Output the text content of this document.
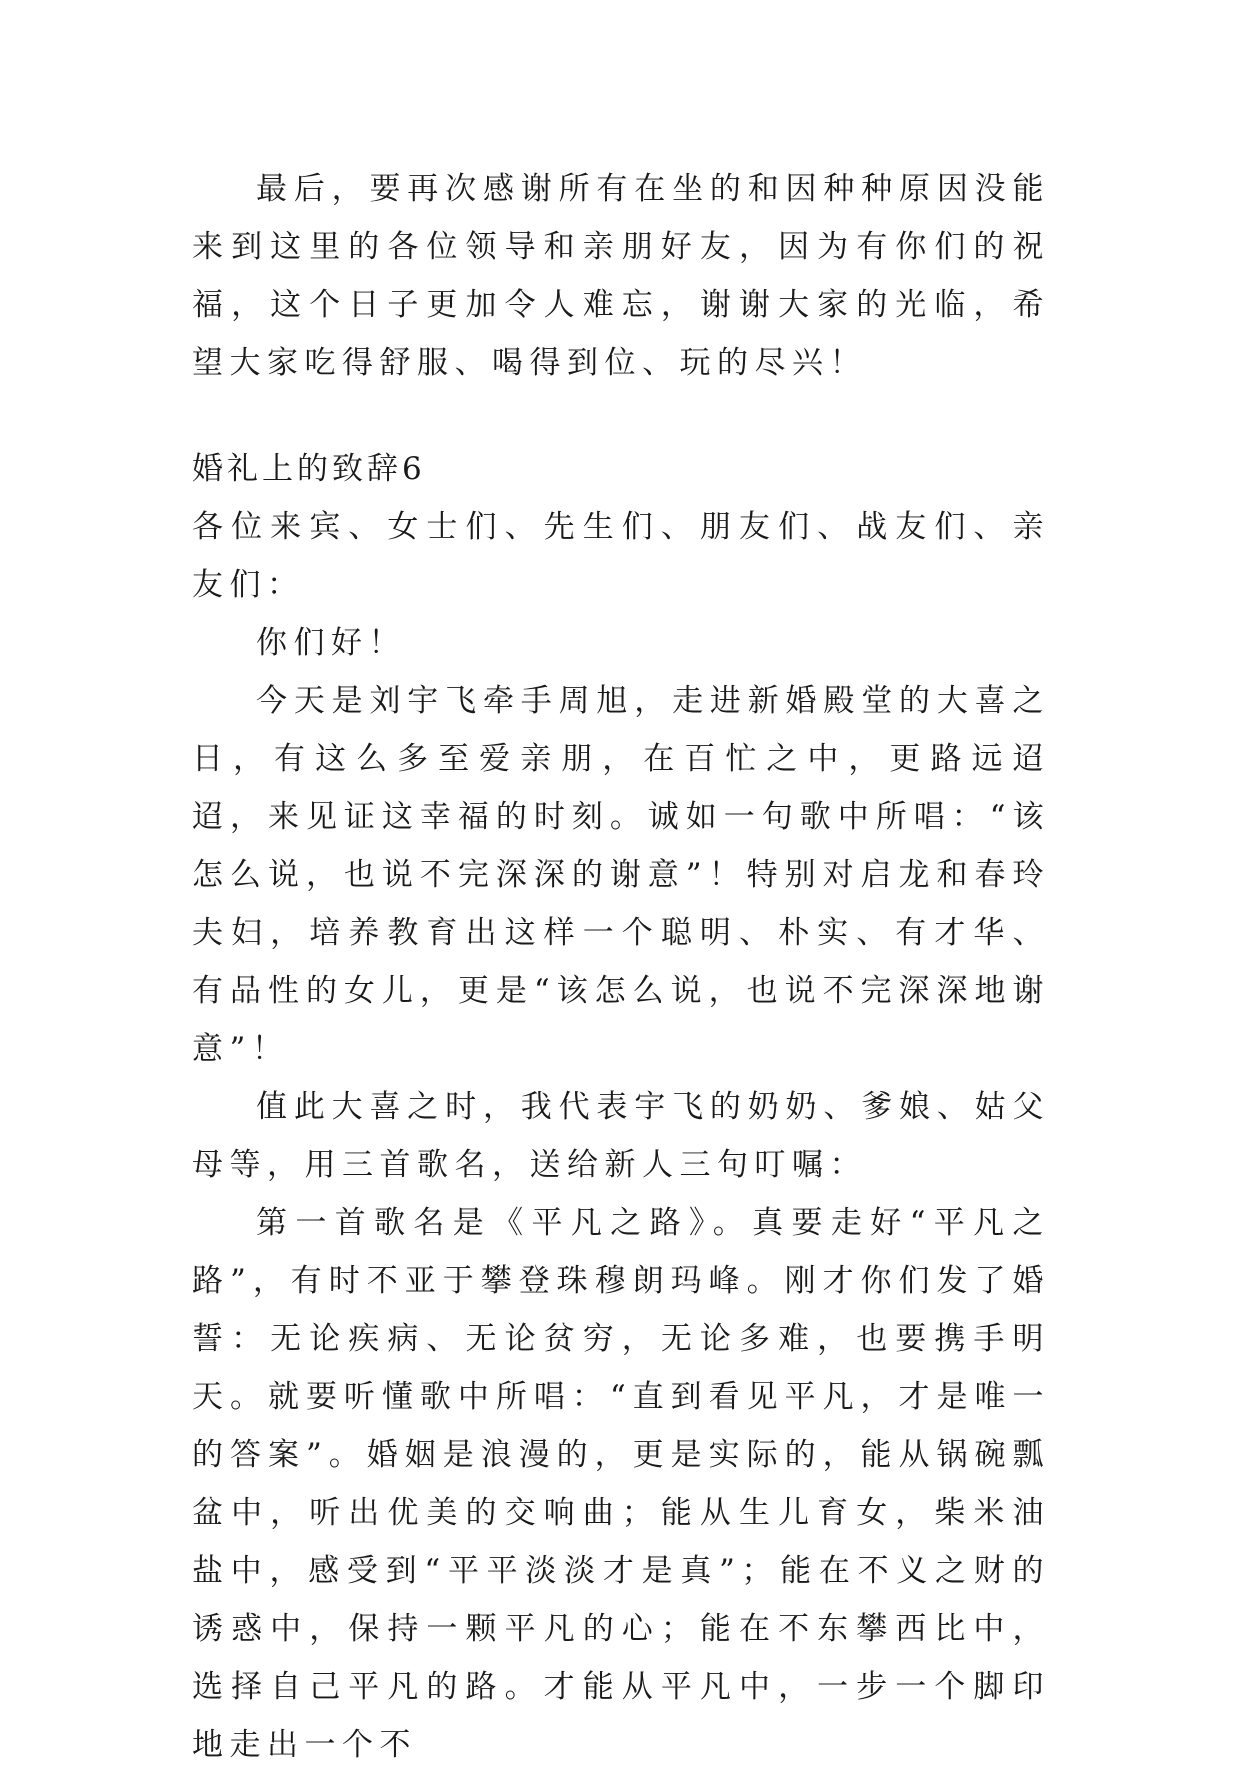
最后，要再次感谢所有在坐的和因种种原因没能来到这里的各位领导和亲朋好友，因为有你们的祝福，这个日子更加令人难忘，谢谢大家的光临，希望大家吃得舒服、喝得到位、玩的尽兴！

婚礼上的致辞6

各位来宾、女士们、先生们、朋友们、战友们、亲友们：

你们好！

今天是刘宇飞牵手周旭，走进新婚殿堂的大喜之日，有这么多至爱亲朋，在百忙之中，更路远迢迢，来见证这幸福的时刻。诚如一句歌中所唱：“该怎么说，也说不完深深的谢意”！特别对启龙和春玲夫妇，培养教育出这样一个聪明、朴实、有才华、有品性的女儿，更是“该怎么说，也说不完深深地谢意”！

值此大喜之时，我代表宇飞的奶奶、爹娘、姑父母等，用三首歌名，送给新人三句叮嘱：

第一首歌名是《平凡之路》。真要走好“平凡之路”，有时不亚于攀登珠穆朗玛峰。刚才你们发了婚誓：无论疾病、无论贫穷，无论多难，也要携手明天。就要听懂歌中所唱：“直到看见平凡，才是唯一的答案”。婚姻是浪漫的，更是实际的，能从锅碗瓢盆中，听出优美的交响曲；能从生儿育女，柴米油盐中，感受到“平平淡淡才是真”；能在不义之财的诱惑中，保持一颗平凡的心；能在不东攀西比中，选择自己平凡的路。才能从平凡中，一步一个脚印地走出一个不
